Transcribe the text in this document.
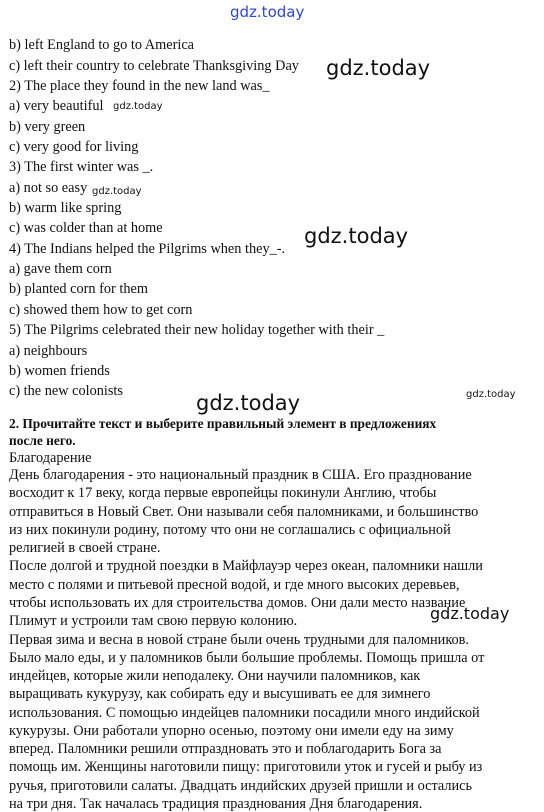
gdz.today
b) left England to go to America
c) left their country to celebrate Thanksgiving Day
2) The place they found in the new land was_
a) very beautiful
b) very green
c) very good for living
3) The first winter was _.
a) not so easy
b) warm like spring
c) was colder than at home
4) The Indians helped the Pilgrims when they_-.
a) gave them corn
b) planted corn for them
c) showed them how to get corn
5) The Pilgrims celebrated their new holiday together with their _
a) neighbours
b) women friends
c) the new colonists
2. Прочитайте текст и выберите правильный элемент в предложениях
после него.
Благодарение
День благодарения - это национальный праздник в США. Его празднование
восходит к 17 веку, когда первые европейцы покинули Англию, чтобы
отправиться в Новый Свет. Они называли себя паломниками, и большинство
из них покинули родину, потому что они не соглашались с официальной
религией в своей стране.
После долгой и трудной поездки в Майфлауэр через океан, паломники нашли
место с полями и питьевой пресной водой, и где много высоких деревьев,
чтобы использовать их для строительства домов. Они дали место название
Плимут и устроили там свою первую колонию.
Первая зима и весна в новой стране были очень трудными для паломников.
Было мало еды, и у паломников были большие проблемы. Помощь пришла от
индейцев, которые жили неподалеку. Они научили паломников, как
выращивать кукурузу, как собирать еду и высушивать ее для зимнего
использования. С помощью индейцев паломники посадили много индийской
кукурузы. Они работали упорно осенью, поэтому они имели еду на зиму
вперед. Паломники решили отпраздновать это и поблагодарить Бога за
помощь им. Женщины наготовили пищу: приготовили уток и гусей и рыбу из
ручья, приготовили салаты. Двадцать индийских друзей пришли и остались
на три дня. Так началась традиция празднования Дня благодарения.
gdz.today
gdz.today
gdz.today
gdz.today
gdz.today
gdz.today
gdz.today
